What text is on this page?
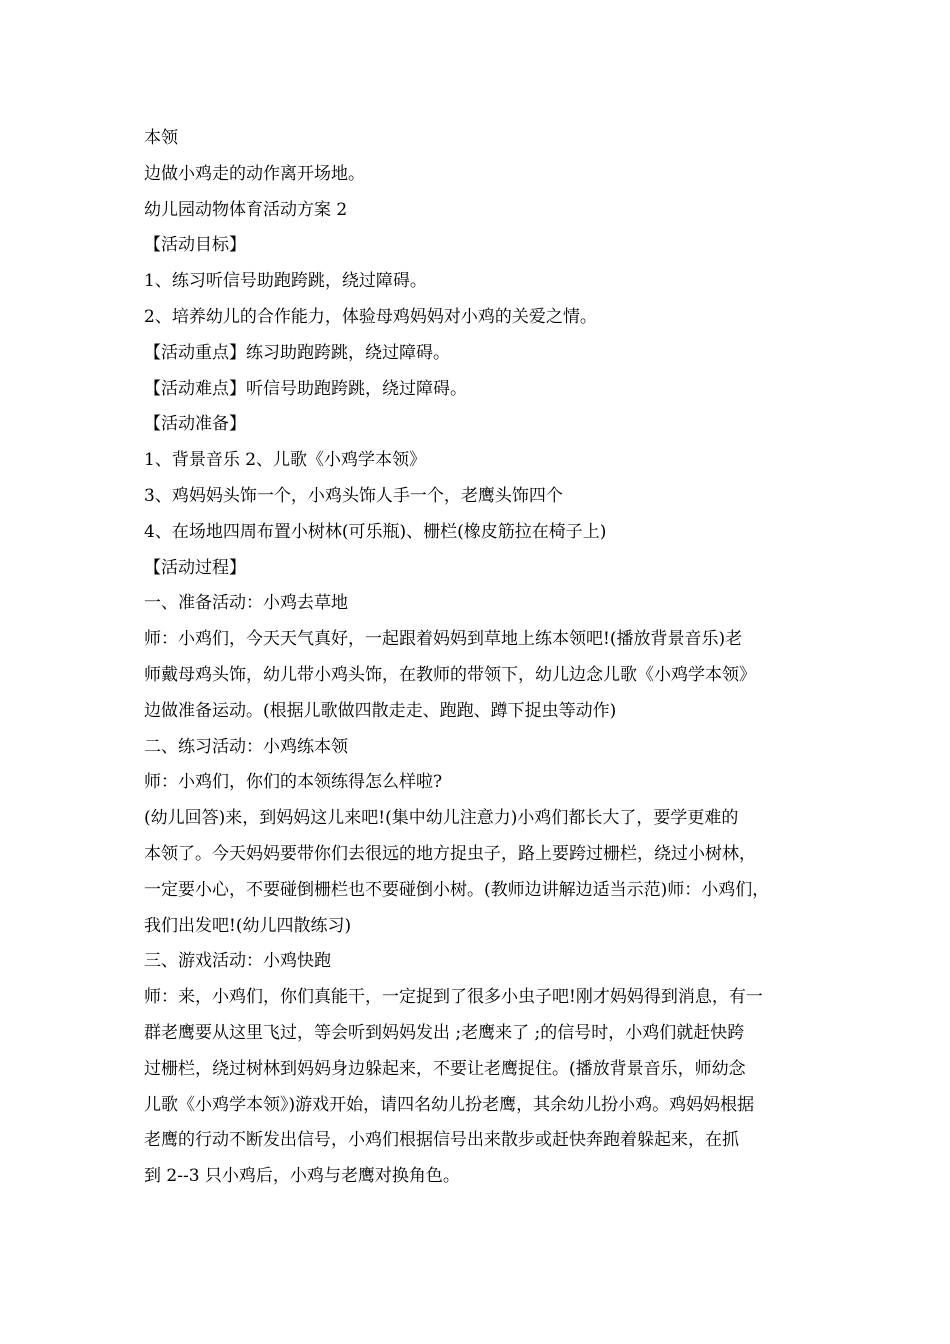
本领
边做小鸡走的动作离开场地。
幼儿园动物体育活动方案 2
【活动目标】
1、练习听信号助跑跨跳，绕过障碍。
2、培养幼儿的合作能力，体验母鸡妈妈对小鸡的关爱之情。
【活动重点】练习助跑跨跳，绕过障碍。
【活动难点】听信号助跑跨跳，绕过障碍。
【活动准备】
1、背景音乐 2、儿歌《小鸡学本领》
3、鸡妈妈头饰一个，小鸡头饰人手一个，老鹰头饰四个
4、在场地四周布置小树林(可乐瓶)、栅栏(橡皮筋拉在椅子上)
【活动过程】
一、准备活动：小鸡去草地
师：小鸡们，今天天气真好，一起跟着妈妈到草地上练本领吧!(播放背景音乐)老
师戴母鸡头饰，幼儿带小鸡头饰，在教师的带领下，幼儿边念儿歌《小鸡学本领》
边做准备运动。(根据儿歌做四散走走、跑跑、蹲下捉虫等动作)
二、练习活动：小鸡练本领
师：小鸡们，你们的本领练得怎么样啦?
(幼儿回答)来，到妈妈这儿来吧!(集中幼儿注意力)小鸡们都长大了，要学更难的
本领了。今天妈妈要带你们去很远的地方捉虫子，路上要跨过栅栏，绕过小树林，
一定要小心，不要碰倒栅栏也不要碰倒小树。(教师边讲解边适当示范)师：小鸡们，
我们出发吧!(幼儿四散练习)
三、游戏活动：小鸡快跑
师：来，小鸡们，你们真能干，一定捉到了很多小虫子吧!刚才妈妈得到消息，有一
群老鹰要从这里飞过，等会听到妈妈发出 ;老鹰来了 ;的信号时，小鸡们就赶快跨
过栅栏，绕过树林到妈妈身边躲起来，不要让老鹰捉住。(播放背景音乐，师幼念
儿歌《小鸡学本领》)游戏开始，请四名幼儿扮老鹰，其余幼儿扮小鸡。鸡妈妈根据
老鹰的行动不断发出信号，小鸡们根据信号出来散步或赶快奔跑着躲起来，在抓
到 2--3 只小鸡后，小鸡与老鹰对换角色。
